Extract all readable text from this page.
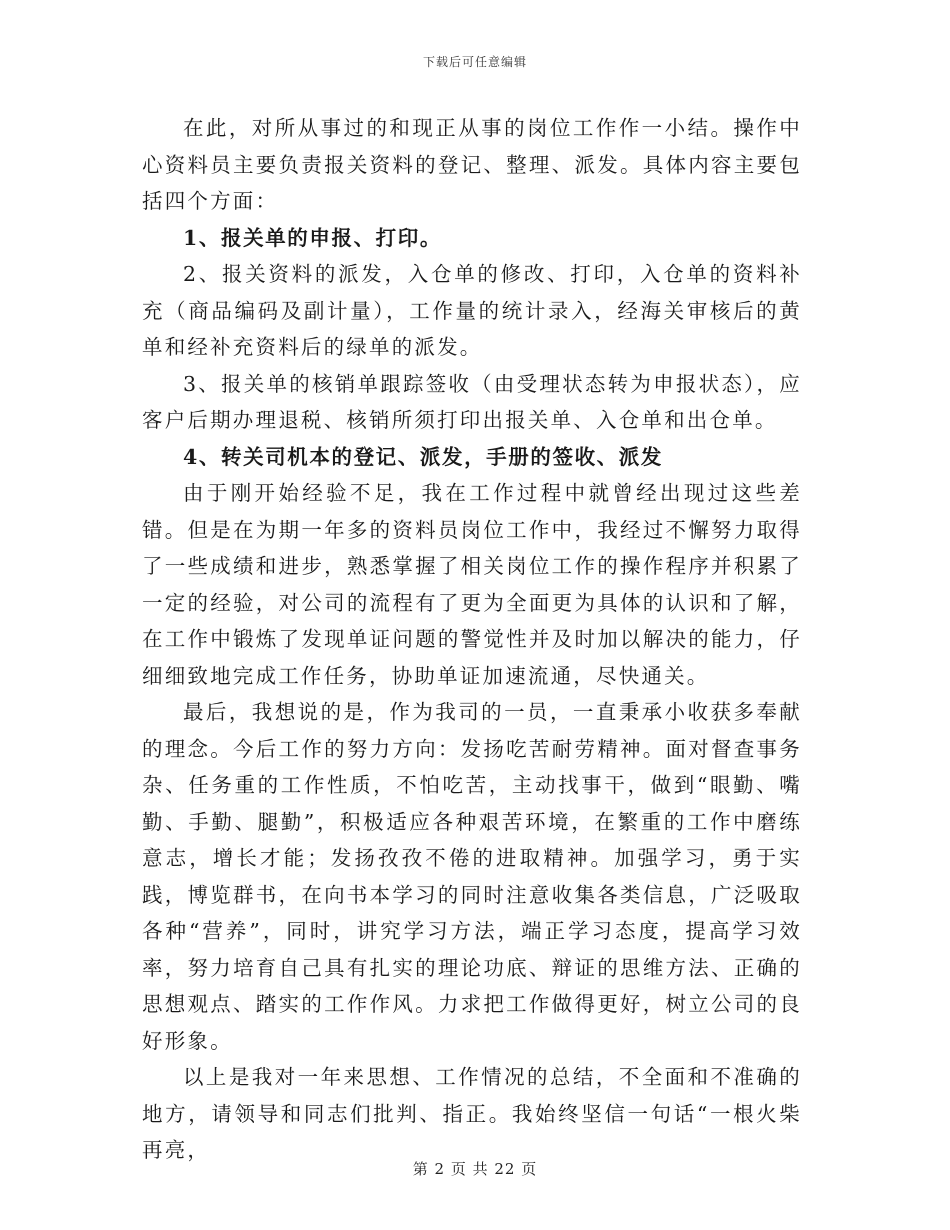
下载后可任意编辑

在此，对所从事过的和现正从事的岗位工作作一小结。操作中心资料员主要负责报关资料的登记、整理、派发。具体内容主要包括四个方面：

1、报关单的申报、打印。

2、报关资料的派发，入仓单的修改、打印，入仓单的资料补充（商品编码及副计量），工作量的统计录入，经海关审核后的黄单和经补充资料后的绿单的派发。

3、报关单的核销单跟踪签收（由受理状态转为申报状态），应客户后期办理退税、核销所须打印出报关单、入仓单和出仓单。

4、转关司机本的登记、派发，手册的签收、派发

由于刚开始经验不足，我在工作过程中就曾经出现过这些差错。但是在为期一年多的资料员岗位工作中，我经过不懈努力取得了一些成绩和进步，熟悉掌握了相关岗位工作的操作程序并积累了一定的经验，对公司的流程有了更为全面更为具体的认识和了解，在工作中锻炼了发现单证问题的警觉性并及时加以解决的能力，仔细细致地完成工作任务，协助单证加速流通，尽快通关。

最后，我想说的是，作为我司的一员，一直秉承小收获多奉献的理念。今后工作的努力方向：发扬吃苦耐劳精神。面对督查事务杂、任务重的工作性质，不怕吃苦，主动找事干，做到“眼勤、嘴勤、手勤、腿勤”，积极适应各种艰苦环境，在繁重的工作中磨练意志，增长才能；发扬孜孜不倦的进取精神。加强学习，勇于实践，博览群书，在向书本学习的同时注意收集各类信息，广泛吸取各种“营养”，同时，讲究学习方法，端正学习态度，提高学习效率，努力培育自己具有扎实的理论功底、辩证的思维方法、正确的思想观点、踏实的工作作风。力求把工作做得更好，树立公司的良好形象。

以上是我对一年来思想、工作情况的总结，不全面和不准确的地方，请领导和同志们批判、指正。我始终坚信一句话“一根火柴再亮，

第 2 页 共 22 页
